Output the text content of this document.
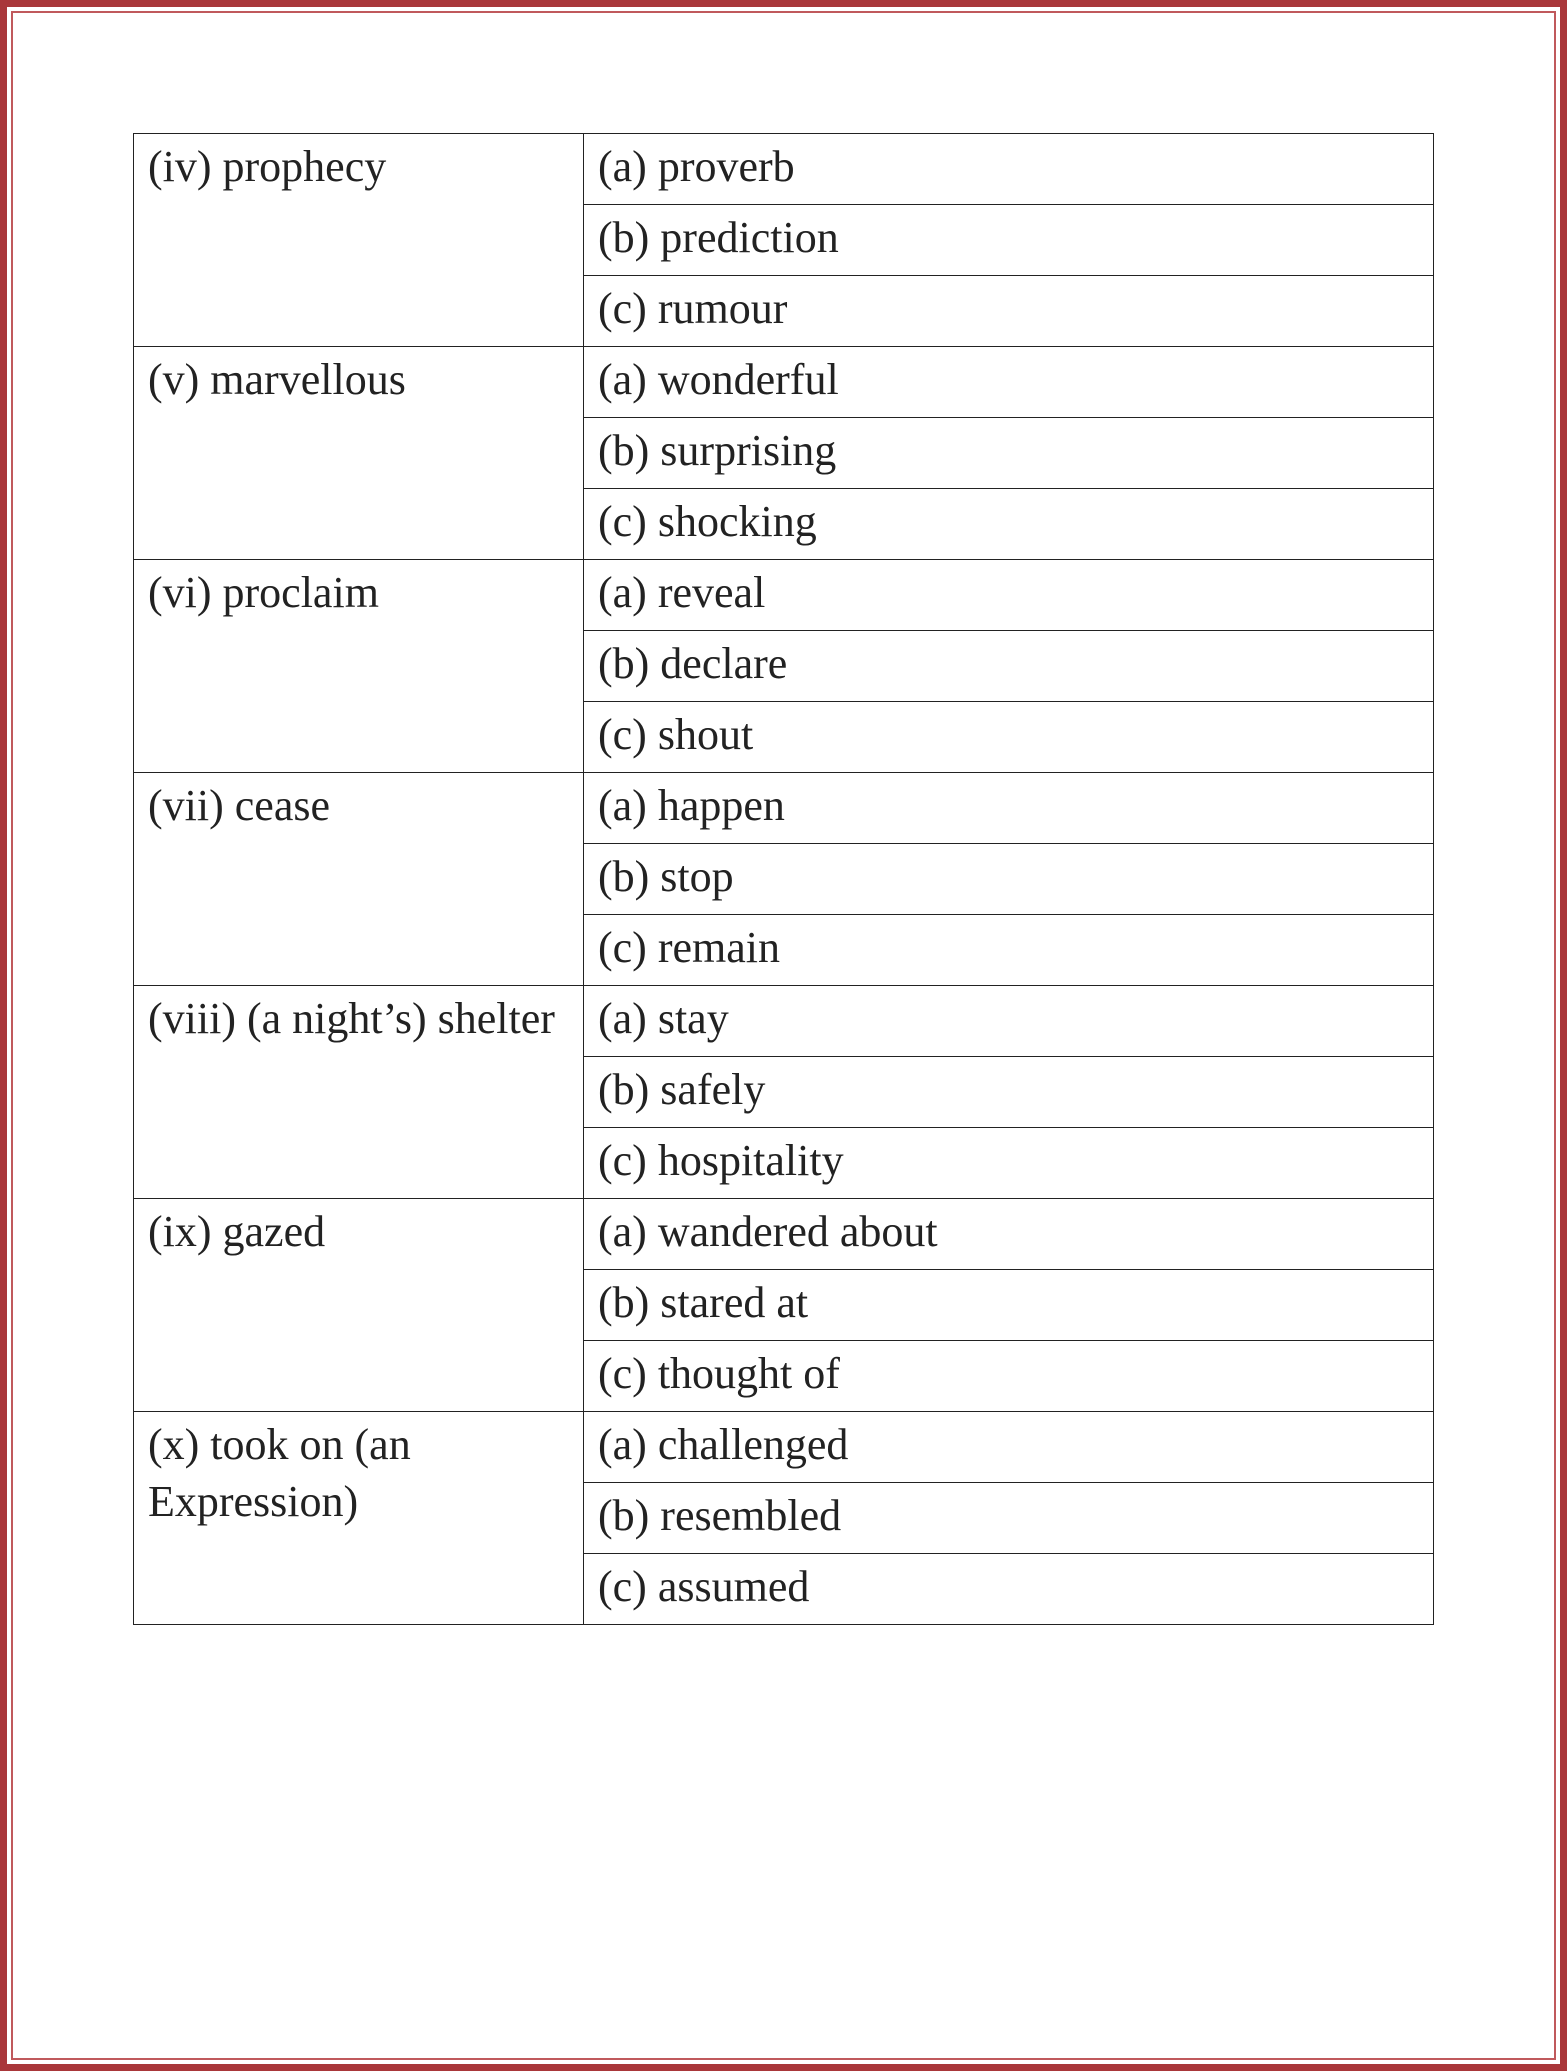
(iv) prophecy	(a) proverb
	(b) prediction
	(c) rumour
(v) marvellous	(a) wonderful
	(b) surprising
	(c) shocking
(vi) proclaim	(a) reveal
	(b) declare
	(c) shout
(vii) cease	(a) happen
	(b) stop
	(c) remain
(viii) (a night’s) shelter	(a) stay
	(b) safely
	(c) hospitality
(ix) gazed	(a) wandered about
	(b) stared at
	(c) thought of
(x) took on (an Expression)	(a) challenged
	(b) resembled
	(c) assumed
